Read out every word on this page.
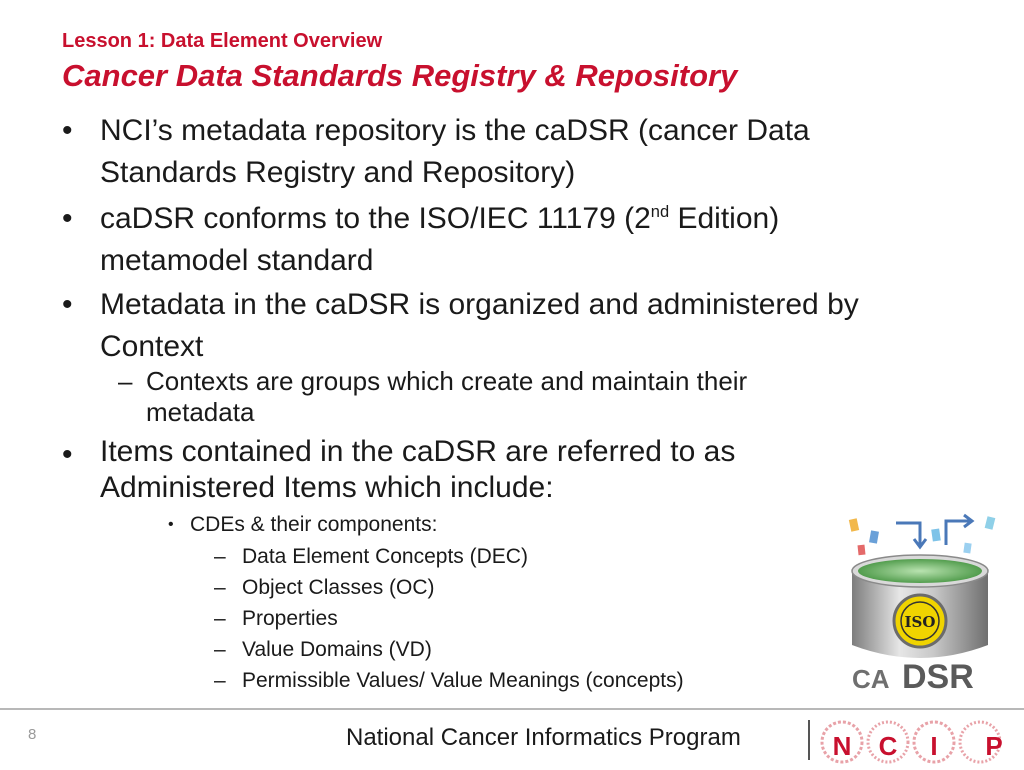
Lesson 1: Data Element Overview
Cancer Data Standards Registry & Repository
• NCI’s metadata repository is the caDSR (cancer Data
Standards Registry and Repository)
• caDSR conforms to the ISO/IEC 11179 (2nd Edition)
metamodel standard
• Metadata in the caDSR is organized and administered by
Context
– Contexts are groups which create and maintain their
metadata
• Items contained in the caDSR are referred to as
Administered Items which include:
• CDEs & their components:
– Data Element Concepts (DEC)
– Object Classes (OC)
– Properties
– Value Domains (VD)
– Permissible Values/ Value Meanings (concepts)
ISO
CA DSR
8	National Cancer Informatics Program	N C I P
